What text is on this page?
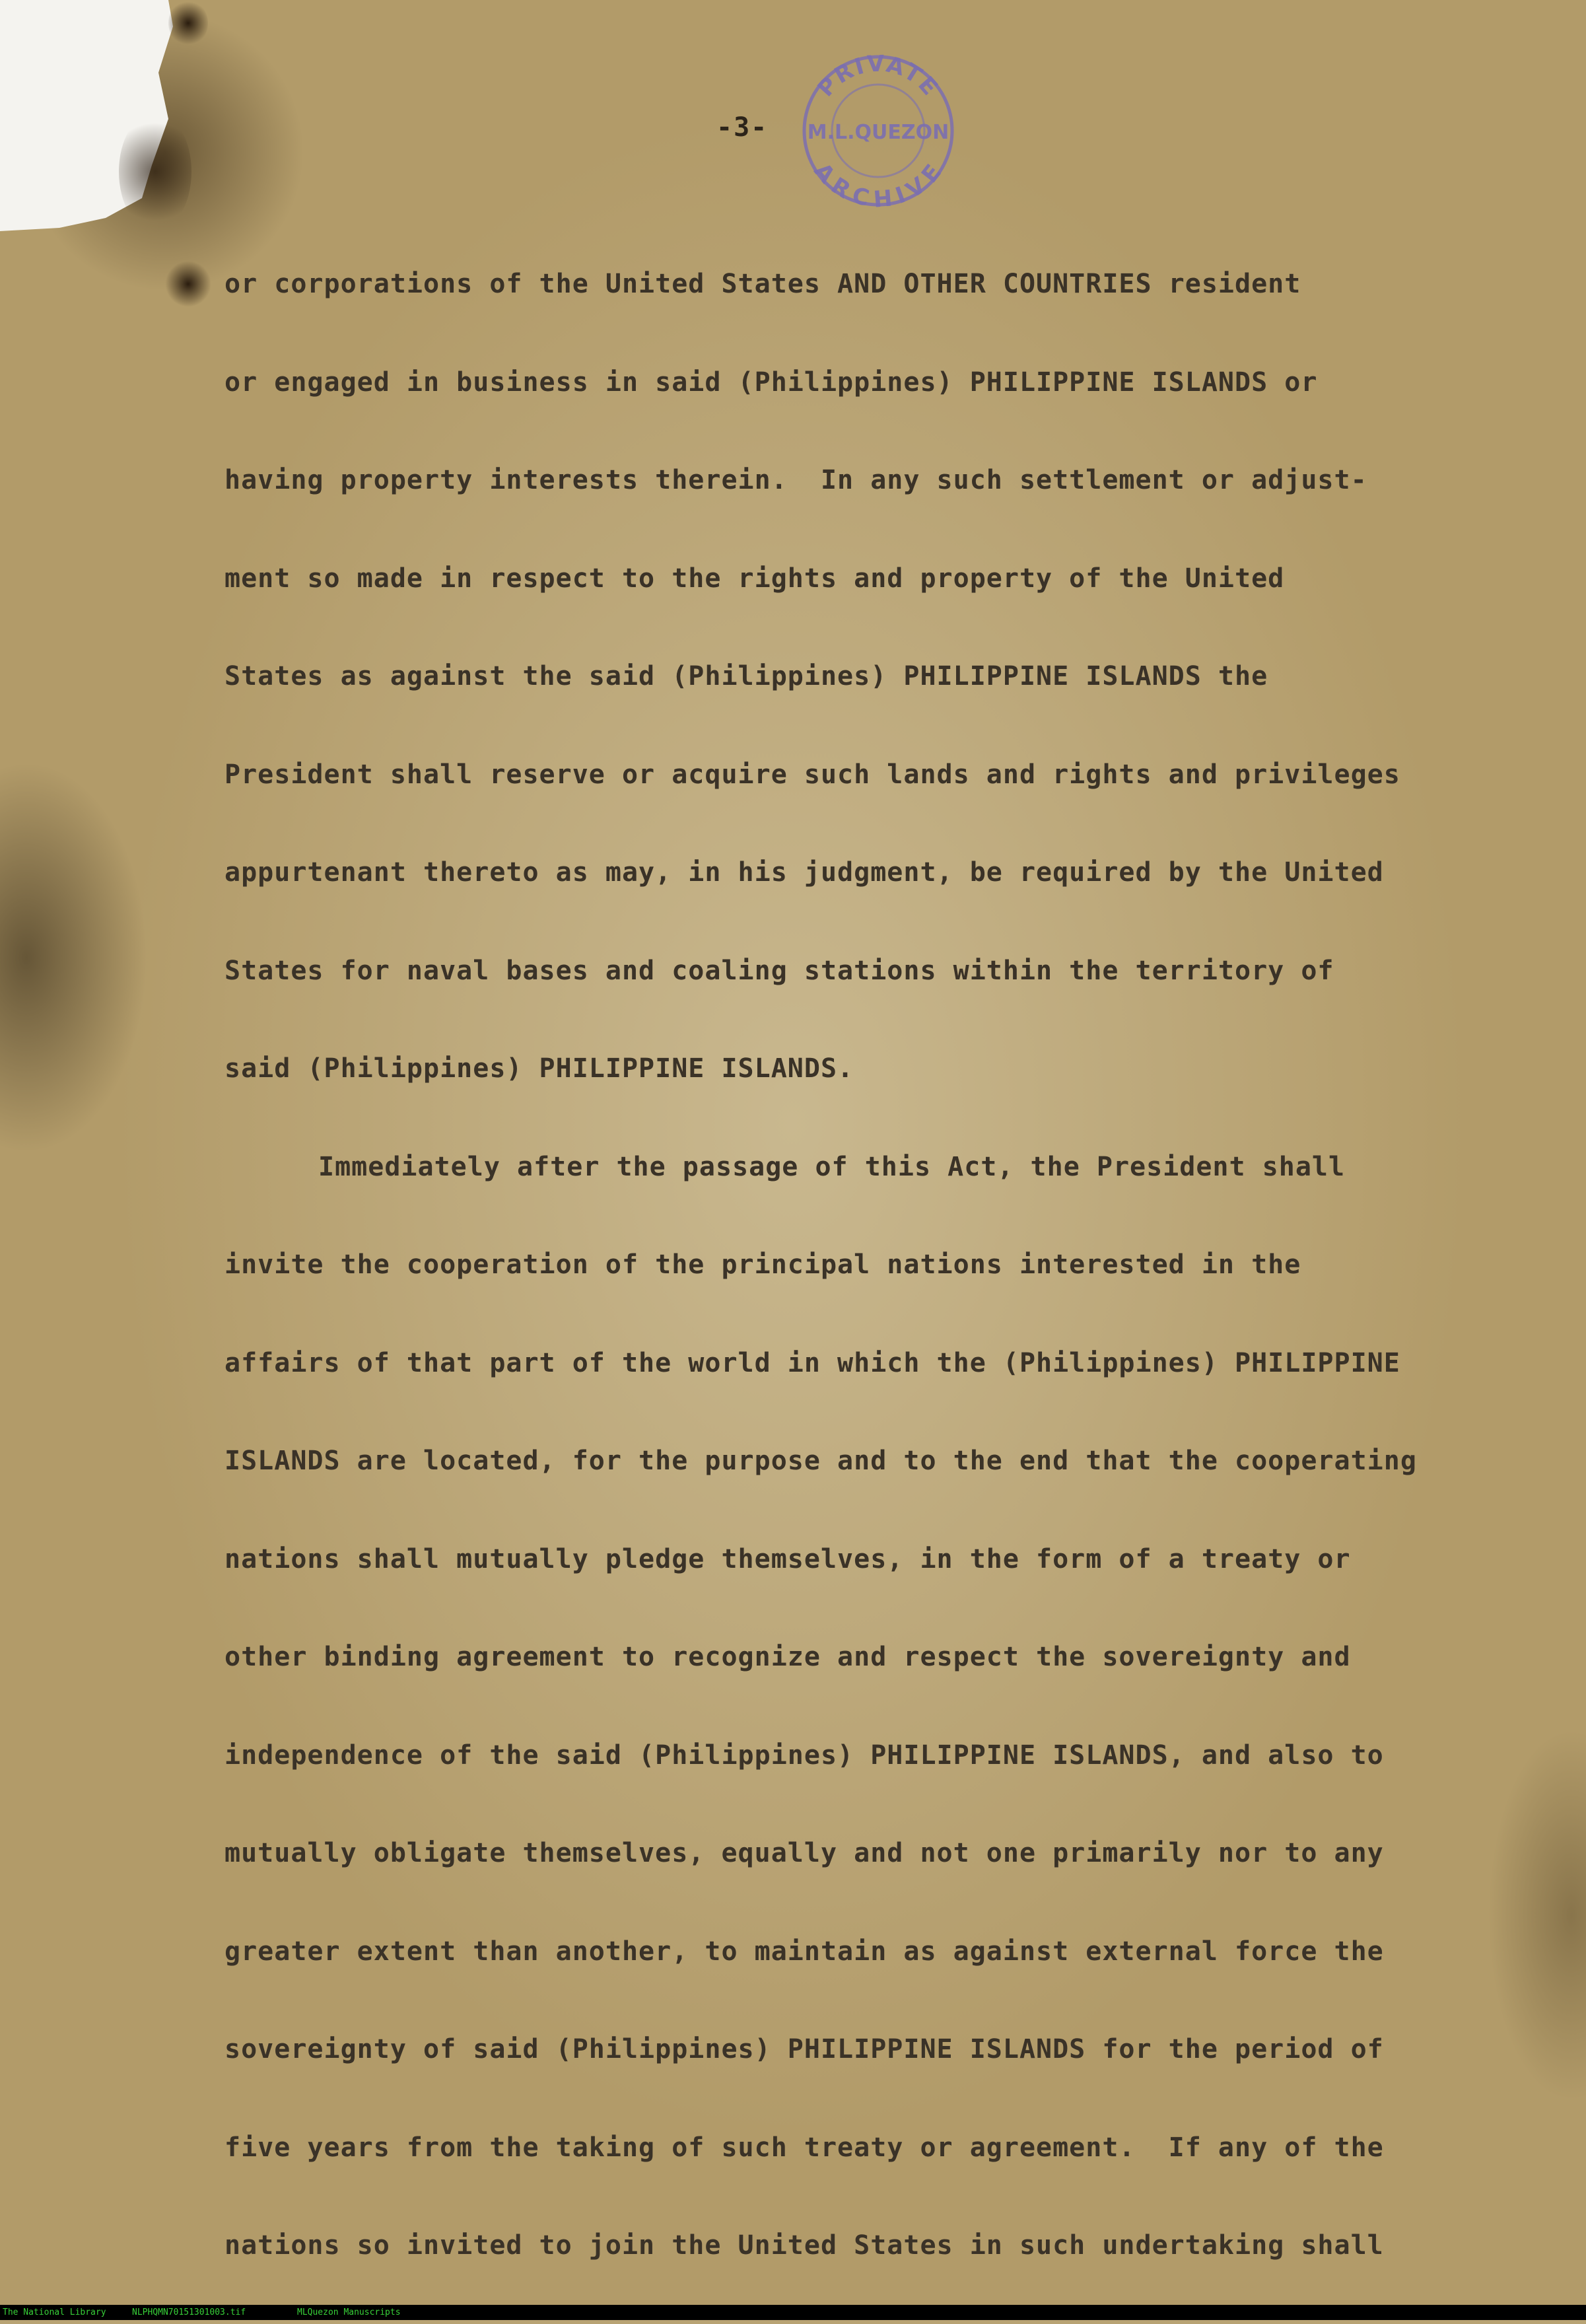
PRIVATE
M.L.QUEZON
ARCHIVE
-3-
or corporations of the United States AND OTHER COUNTRIES resident
or engaged in business in said (Philippines) PHILIPPINE ISLANDS or
having property interests therein.  In any such settlement or adjust-
ment so made in respect to the rights and property of the United
States as against the said (Philippines) PHILIPPINE ISLANDS the
President shall reserve or acquire such lands and rights and privileges
appurtenant thereto as may, in his judgment, be required by the United
States for naval bases and coaling stations within the territory of
said (Philippines) PHILIPPINE ISLANDS.
Immediately after the passage of this Act, the President shall
invite the cooperation of the principal nations interested in the
affairs of that part of the world in which the (Philippines) PHILIPPINE
ISLANDS are located, for the purpose and to the end that the cooperating
nations shall mutually pledge themselves, in the form of a treaty or
other binding agreement to recognize and respect the sovereignty and
independence of the said (Philippines) PHILIPPINE ISLANDS, and also to
mutually obligate themselves, equally and not one primarily nor to any
greater extent than another, to maintain as against external force the
sovereignty of said (Philippines) PHILIPPINE ISLANDS for the period of
five years from the taking of such treaty or agreement.  If any of the
nations so invited to join the United States in such undertaking shall
The National Library	NLPHQMN70151301003.tif	MLQuezon Manuscripts
